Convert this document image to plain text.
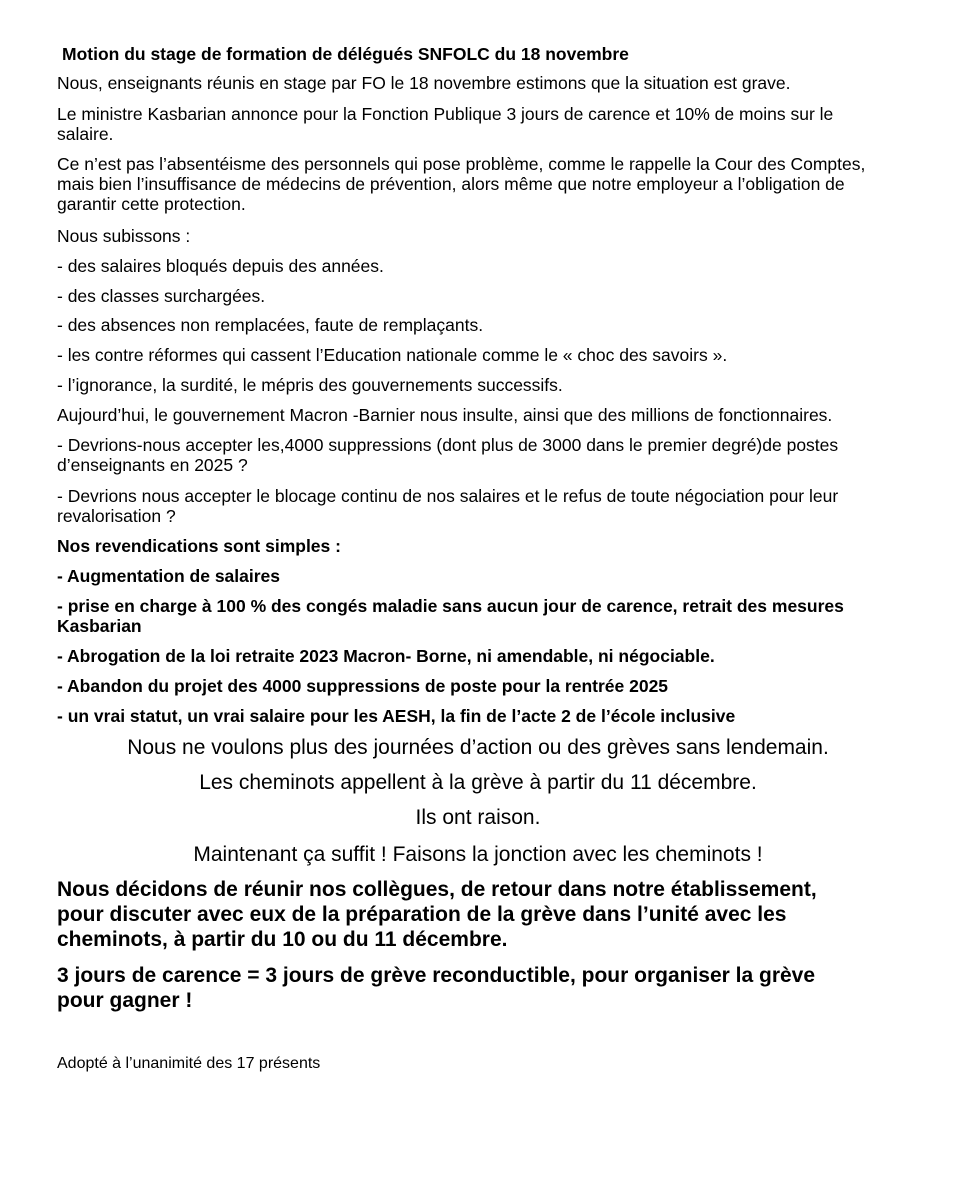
Motion du stage de formation de délégués SNFOLC du 18 novembre

Nous, enseignants réunis en stage par FO le 18 novembre estimons que la situation est grave.

Le ministre Kasbarian annonce pour la Fonction Publique 3 jours de carence et 10% de moins sur le

salaire.

Ce n’est pas l’absentéisme des personnels qui pose problème, comme le rappelle la Cour des Comptes,

mais bien l’insuffisance de médecins de prévention, alors même que notre employeur a l’obligation de

garantir cette protection.

Nous subissons :

- des salaires bloqués depuis des années.

- des classes surchargées.

- des absences non remplacées, faute de remplaçants.

- les contre réformes qui cassent l’Education nationale comme le « choc des savoirs ».

- l’ignorance, la surdité, le mépris des gouvernements successifs.

Aujourd’hui, le gouvernement Macron -Barnier nous insulte, ainsi que des millions de fonctionnaires.

- Devrions-nous accepter les,4000 suppressions (dont plus de 3000 dans le premier degré)de postes

d’enseignants en 2025 ?

- Devrions nous accepter le blocage continu de nos salaires et le refus de toute négociation pour leur

revalorisation ?

Nos revendications sont simples :

- Augmentation de salaires

- prise en charge à 100 % des congés maladie sans aucun jour de carence, retrait des mesures

Kasbarian

- Abrogation de la loi retraite 2023 Macron- Borne, ni amendable, ni négociable.

- Abandon du projet des 4000 suppressions de poste pour la rentrée 2025

- un vrai statut, un vrai salaire pour les AESH, la fin de l’acte 2 de l’école inclusive

Nous ne voulons plus des journées d’action ou des grèves sans lendemain.

Les cheminots appellent à la grève à partir du 11 décembre.

Ils ont raison.

Maintenant ça suffit ! Faisons la jonction avec les cheminots !

Nous décidons de réunir nos collègues, de retour dans notre établissement,

pour discuter avec eux de la préparation de la grève dans l’unité avec les

cheminots, à partir du 10 ou du 11 décembre.

3 jours de carence = 3 jours de grève reconductible, pour organiser la grève

pour gagner !

Adopté à l’unanimité des 17 présents
